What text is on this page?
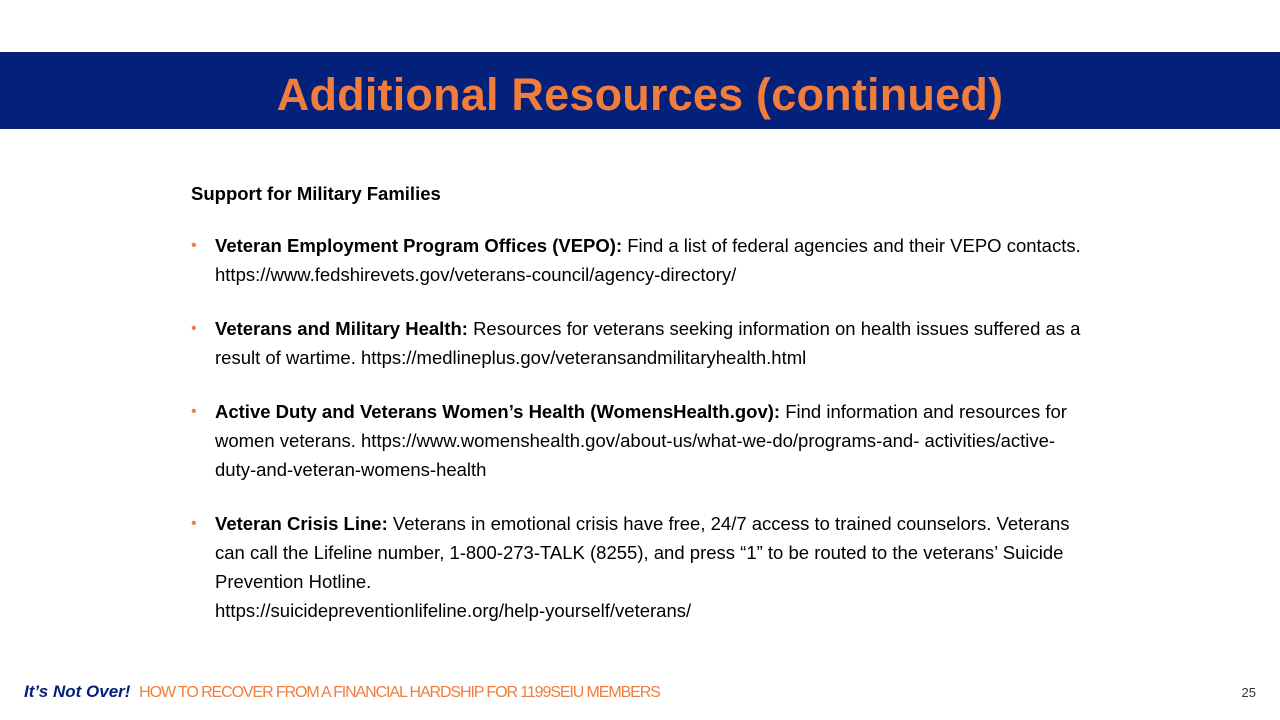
Additional Resources (continued)
Support for Military Families
• Veteran Employment Program Offices (VEPO): Find a list of federal agencies and their VEPO contacts. https://www.fedshirevets.gov/veterans-council/agency-directory/
• Veterans and Military Health: Resources for veterans seeking information on health issues suffered as a result of wartime. https://medlineplus.gov/veteransandmilitaryhealth.html
• Active Duty and Veterans Women’s Health (WomensHealth.gov): Find information and resources for women veterans. https://www.womenshealth.gov/about-us/what-we-do/programs-and- activities/active-duty-and-veteran-womens-health
• Veteran Crisis Line: Veterans in emotional crisis have free, 24/7 access to trained counselors. Veterans can call the Lifeline number, 1-800-273-TALK (8255), and press “1” to be routed to the veterans’ Suicide Prevention Hotline.
https://suicidepreventionlifeline.org/help-yourself/veterans/
It’s Not Over! HOW TO RECOVER FROM A FINANCIAL HARDSHIP FOR 1199SEIU MEMBERS	25
